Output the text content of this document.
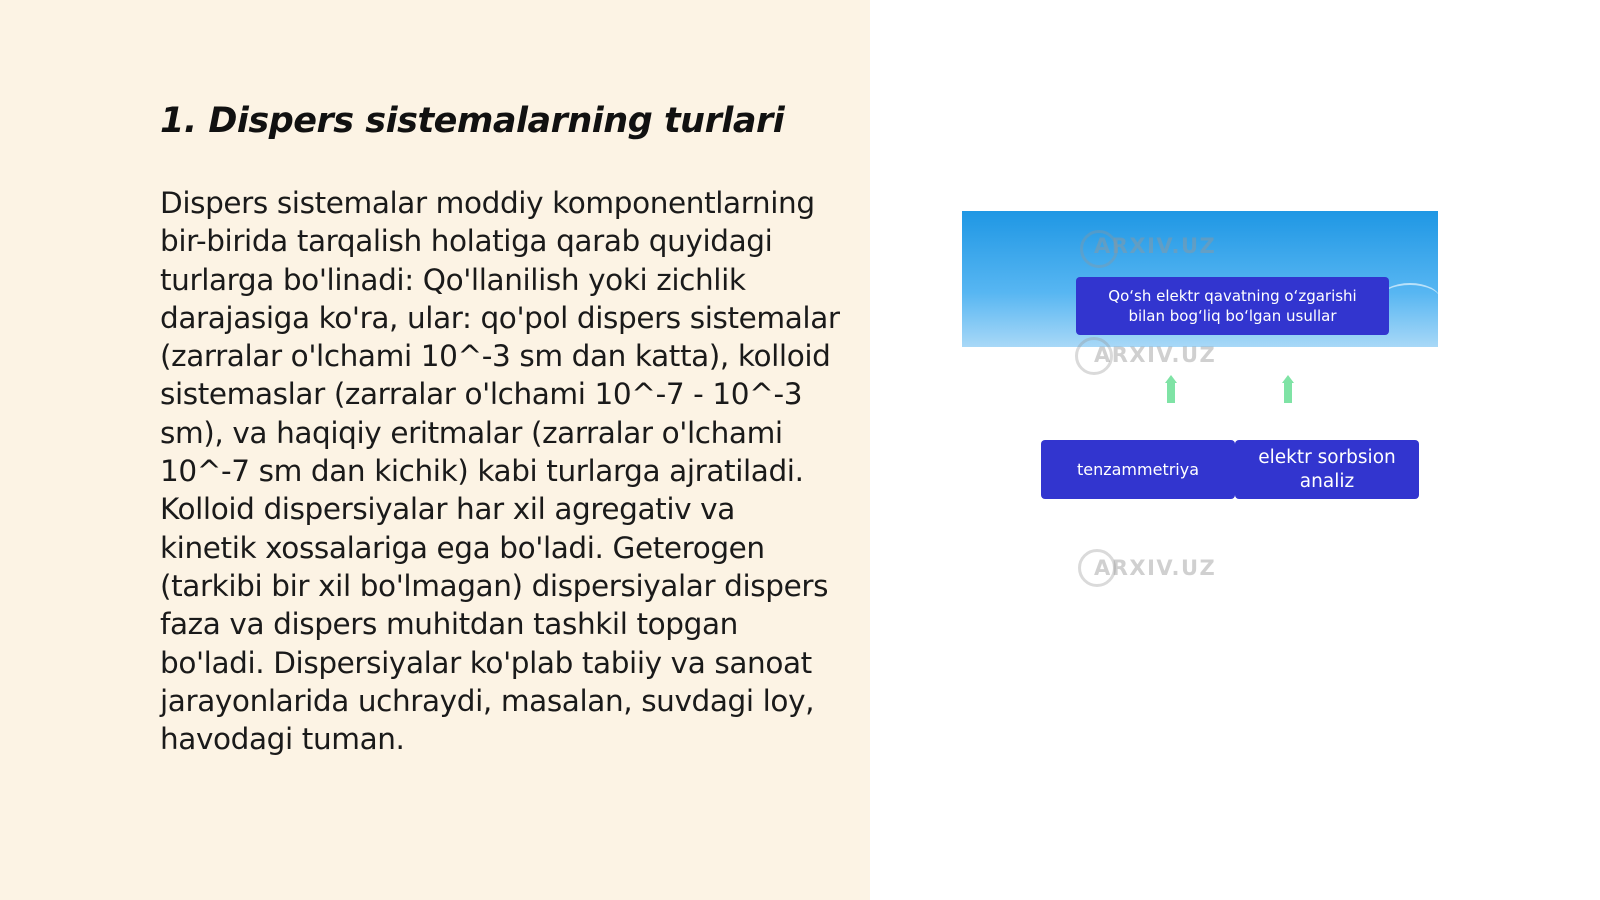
1. Dispers sistemalarning turlari

Dispers sistemalar moddiy komponentlarning bir-birida tarqalish holatiga qarab quyidagi turlarga bo'linadi: Qo'llanilish yoki zichlik darajasiga ko'ra, ular: qo'pol dispers sistemalar (zarralar o'lchami 10^-3 sm dan katta), kolloid sistemaslar (zarralar o'lchami 10^-7 - 10^-3 sm), va haqiqiy eritmalar (zarralar o'lchami 10^-7 sm dan kichik) kabi turlarga ajratiladi. Kolloid dispersiyalar har xil agregativ va kinetik xossalariga ega bo'ladi. Geterogen (tarkibi bir xil bo'lmagan) dispersiyalar dispers faza va dispers muhitdan tashkil topgan bo'ladi. Dispersiyalar ko'plab tabiiy va sanoat jarayonlarida uchraydi, masalan, suvdagi loy, havodagi tuman.

ARXIV.UZ
Qo‘sh elektr qavatning o‘zgarishi bilan bog‘liq bo‘lgan usullar
ARXIV.UZ
tenzammetriya
elektr sorbsion analiz
ARXIV.UZ
